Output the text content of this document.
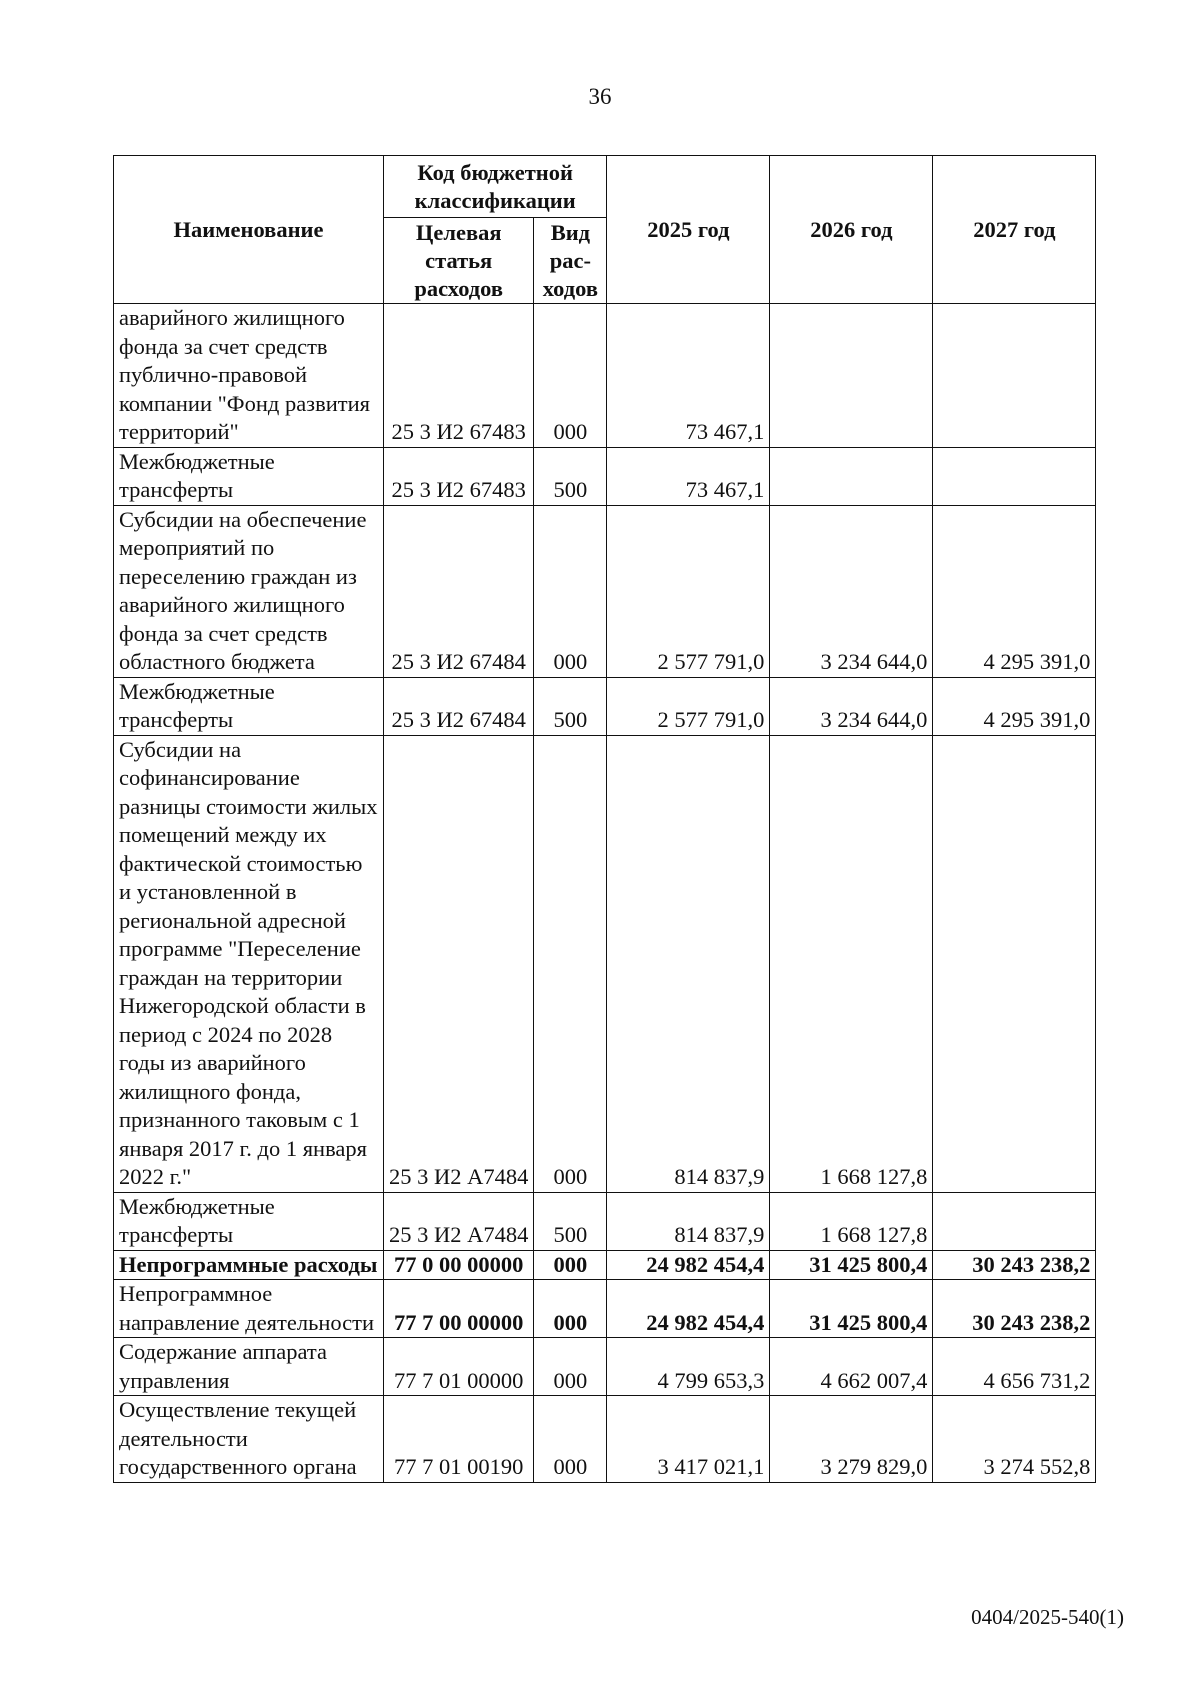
36
Наименование	Код бюджетной классификации		2025 год	2026 год	2027 год
	Целевая статья расходов	Вид рас-ходов			
аварийного жилищного фонда за счет средств публично-правовой компании "Фонд развития территорий"	25 3 И2 67483	000	73 467,1		
Межбюджетные трансферты	25 3 И2 67483	500	73 467,1		
Субсидии на обеспечение мероприятий по переселению граждан из аварийного жилищного фонда за счет средств областного бюджета	25 3 И2 67484	000	2 577 791,0	3 234 644,0	4 295 391,0
Межбюджетные трансферты	25 3 И2 67484	500	2 577 791,0	3 234 644,0	4 295 391,0
Субсидии на софинансирование разницы стоимости жилых помещений между их фактической стоимостью и установленной в региональной адресной программе "Переселение граждан на территории Нижегородской области в период с 2024 по 2028 годы из аварийного жилищного фонда, признанного таковым с 1 января 2017 г. до 1 января 2022 г."	25 3 И2 А7484	000	814 837,9	1 668 127,8	
Межбюджетные трансферты	25 3 И2 А7484	500	814 837,9	1 668 127,8	
Непрограммные расходы	77 0 00 00000	000	24 982 454,4	31 425 800,4	30 243 238,2
Непрограммное направление деятельности	77 7 00 00000	000	24 982 454,4	31 425 800,4	30 243 238,2
Содержание аппарата управления	77 7 01 00000	000	4 799 653,3	4 662 007,4	4 656 731,2
Осуществление текущей деятельности государственного органа	77 7 01 00190	000	3 417 021,1	3 279 829,0	3 274 552,8
0404/2025-540(1)
